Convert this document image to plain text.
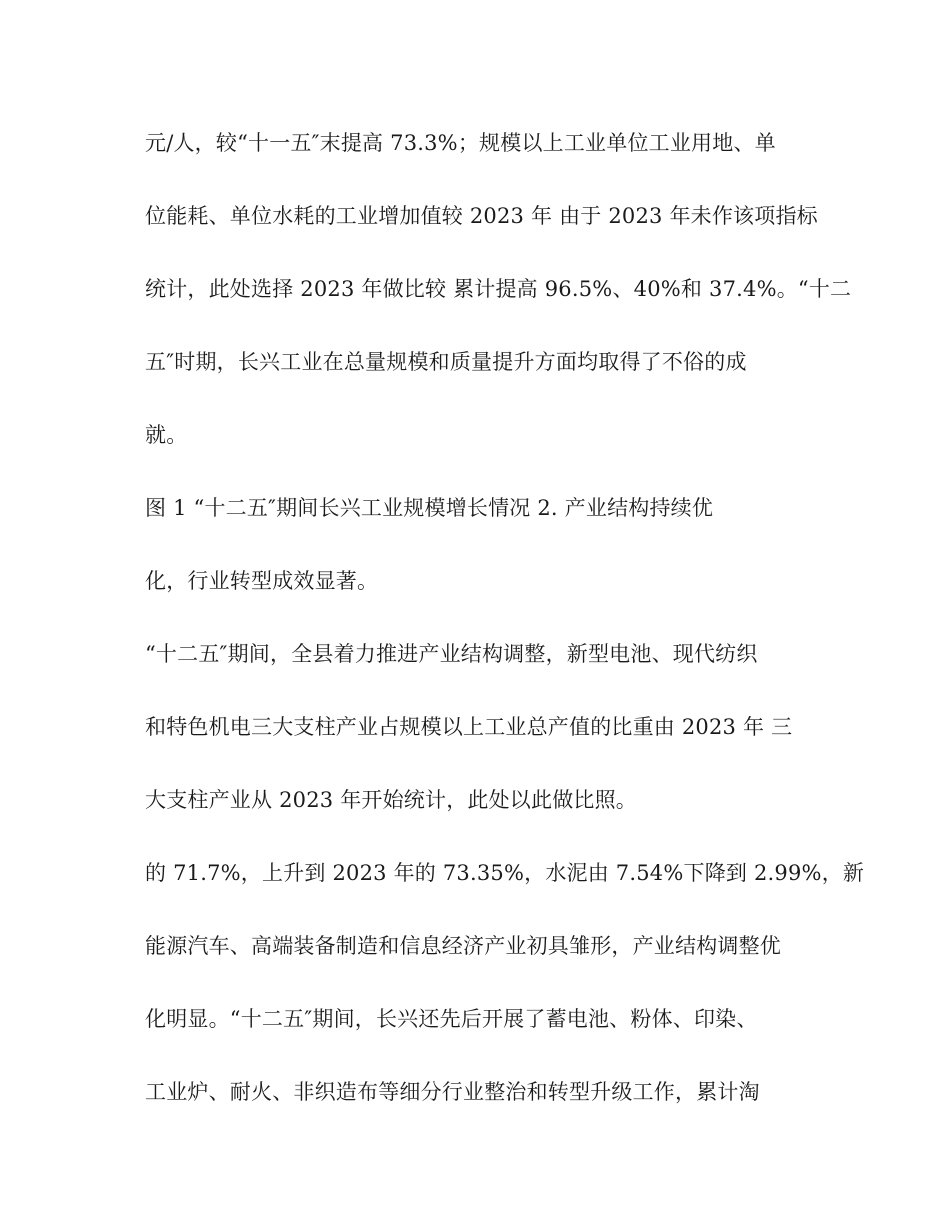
元/人，较“十一五″末提高 73.3%；规模以上工业单位工业用地、单
位能耗、单位水耗的工业增加值较 2023 年 由于 2023 年未作该项指标
统计，此处选择 2023 年做比较 累计提高 96.5%、40%和 37.4%。“十二
五″时期，长兴工业在总量规模和质量提升方面均取得了不俗的成
就。
图 1 “十二五″期间长兴工业规模增长情况 2. 产业结构持续优
化，行业转型成效显著。
“十二五″期间，全县着力推进产业结构调整，新型电池、现代纺织
和特色机电三大支柱产业占规模以上工业总产值的比重由 2023 年 三
大支柱产业从 2023 年开始统计，此处以此做比照。
的 71.7%，上升到 2023 年的 73.35%，水泥由 7.54%下降到 2.99%，新
能源汽车、高端装备制造和信息经济产业初具雏形，产业结构调整优
化明显。“十二五″期间，长兴还先后开展了蓄电池、粉体、印染、
工业炉、耐火、非织造布等细分行业整治和转型升级工作，累计淘
